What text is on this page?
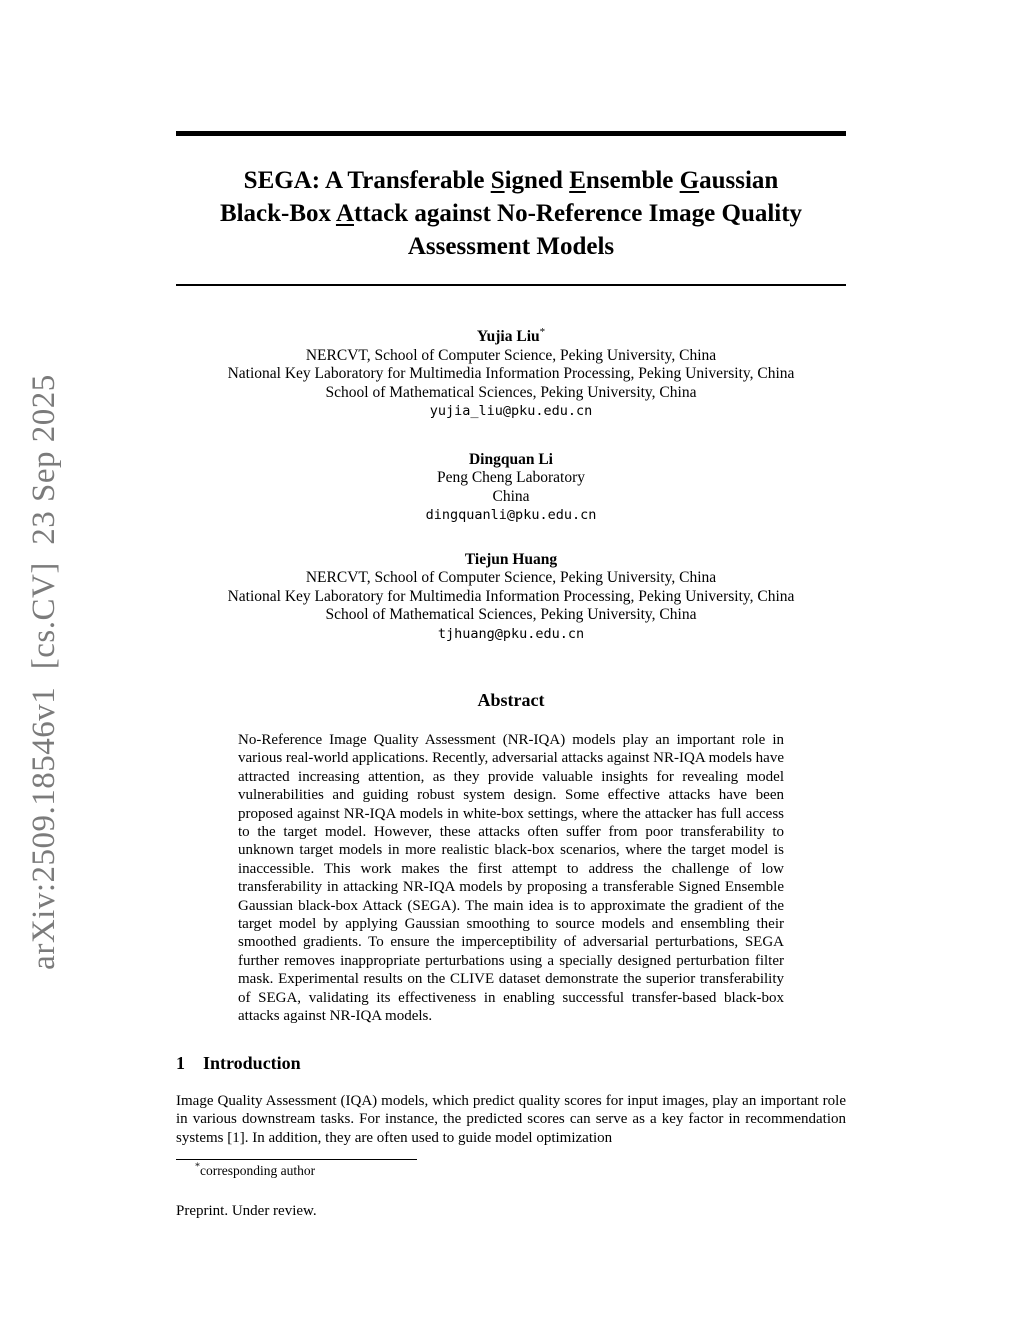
arXiv:2509.18546v1  [cs.CV]  23 Sep 2025
SEGA: A Transferable Signed Ensemble Gaussian
Black-Box Attack against No-Reference Image Quality
Assessment Models
Yujia Liu*
NERCVT, School of Computer Science, Peking University, China
National Key Laboratory for Multimedia Information Processing, Peking University, China
School of Mathematical Sciences, Peking University, China
yujia_liu@pku.edu.cn
Dingquan Li
Peng Cheng Laboratory
China
dingquanli@pku.edu.cn
Tiejun Huang
NERCVT, School of Computer Science, Peking University, China
National Key Laboratory for Multimedia Information Processing, Peking University, China
School of Mathematical Sciences, Peking University, China
tjhuang@pku.edu.cn
Abstract
No-Reference Image Quality Assessment (NR-IQA) models play an important role in various real-world applications. Recently, adversarial attacks against NR-IQA models have attracted increasing attention, as they provide valuable insights for revealing model vulnerabilities and guiding robust system design. Some effective attacks have been proposed against NR-IQA models in white-box settings, where the attacker has full access to the target model. However, these attacks often suffer from poor transferability to unknown target models in more realistic black-box scenarios, where the target model is inaccessible. This work makes the first attempt to address the challenge of low transferability in attacking NR-IQA models by proposing a transferable Signed Ensemble Gaussian black-box Attack (SEGA). The main idea is to approximate the gradient of the target model by applying Gaussian smoothing to source models and ensembling their smoothed gradients. To ensure the imperceptibility of adversarial perturbations, SEGA further removes inappropriate perturbations using a specially designed perturbation filter mask. Experimental results on the CLIVE dataset demonstrate the superior transferability of SEGA, validating its effectiveness in enabling successful transfer-based black-box attacks against NR-IQA models.
1 Introduction
Image Quality Assessment (IQA) models, which predict quality scores for input images, play an important role in various downstream tasks. For instance, the predicted scores can serve as a key factor in recommendation systems [1]. In addition, they are often used to guide model optimization
*corresponding author
Preprint. Under review.
